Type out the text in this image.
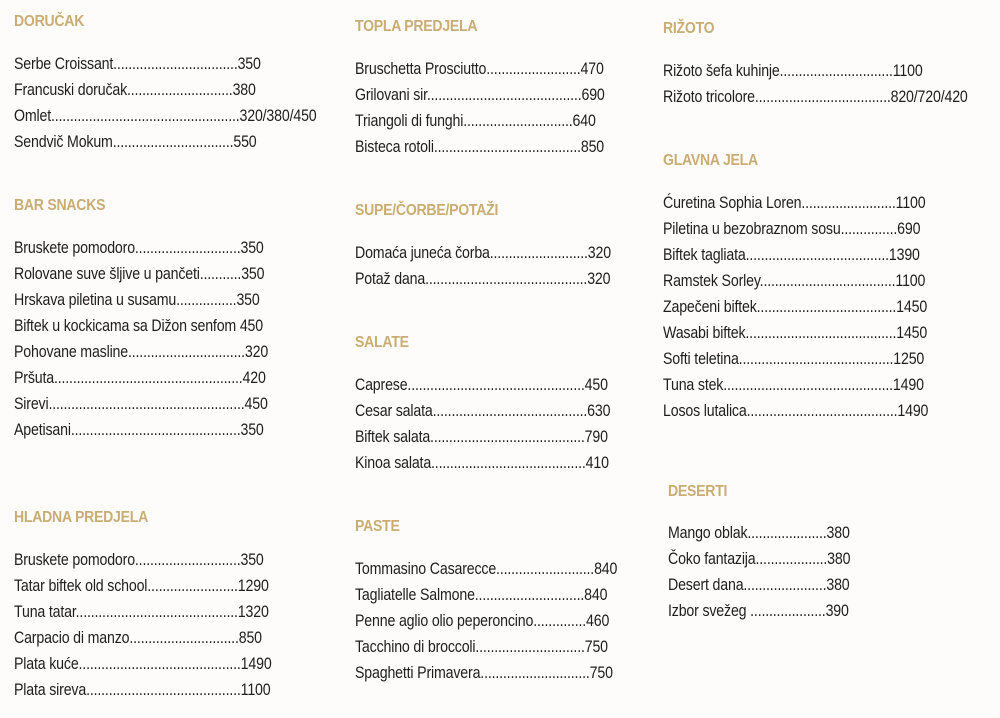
DORUČAK
Serbe Croissant.................................350
Francuski doručak............................380
Omlet..................................................320/380/450
Sendvič Mokum................................550
BAR SNACKS
Bruskete pomodoro............................350
Rolovane suve šljive u pančeti...........350
Hrskava piletina u susamu................350
Biftek u kockicama sa Dižon senfom 450
Pohovane masline...............................320
Pršuta..................................................420
Sirevi....................................................450
Apetisani.............................................350
HLADNA PREDJELA
Bruskete pomodoro............................350
Tatar biftek old school........................1290
Tuna tatar...........................................1320
Carpacio di manzo.............................850
Plata kuće...........................................1490
Plata sireva.........................................1100
TOPLA PREDJELA
Bruschetta Prosciutto.........................470
Grilovani sir.........................................690
Triangoli di funghi.............................640
Bisteca rotoli.......................................850
SUPE/ČORBE/POTAŽI
Domaća juneća čorba..........................320
Potaž dana...........................................320
SALATE
Caprese...............................................450
Cesar salata.........................................630
Biftek salata.........................................790
Kinoa salata.........................................410
PASTE
Tommasino Casarecce..........................840
Tagliatelle Salmone.............................840
Penne aglio olio peperoncino..............460
Tacchino di broccoli.............................750
Spaghetti Primavera.............................750
RIŽOTO
Rižoto šefa kuhinje..............................1100
Rižoto tricolore....................................820/720/420
GLAVNA JELA
Ćuretina Sophia Loren.........................1100
Piletina u bezobraznom sosu...............690
Biftek tagliata......................................1390
Ramstek Sorley....................................1100
Zapečeni biftek.....................................1450
Wasabi biftek........................................1450
Softi teletina.........................................1250
Tuna stek.............................................1490
Losos lutalica........................................1490
DESERTI
Mango oblak.....................380
Čoko fantazija...................380
Desert dana......................380
Izbor svežeg ....................390
